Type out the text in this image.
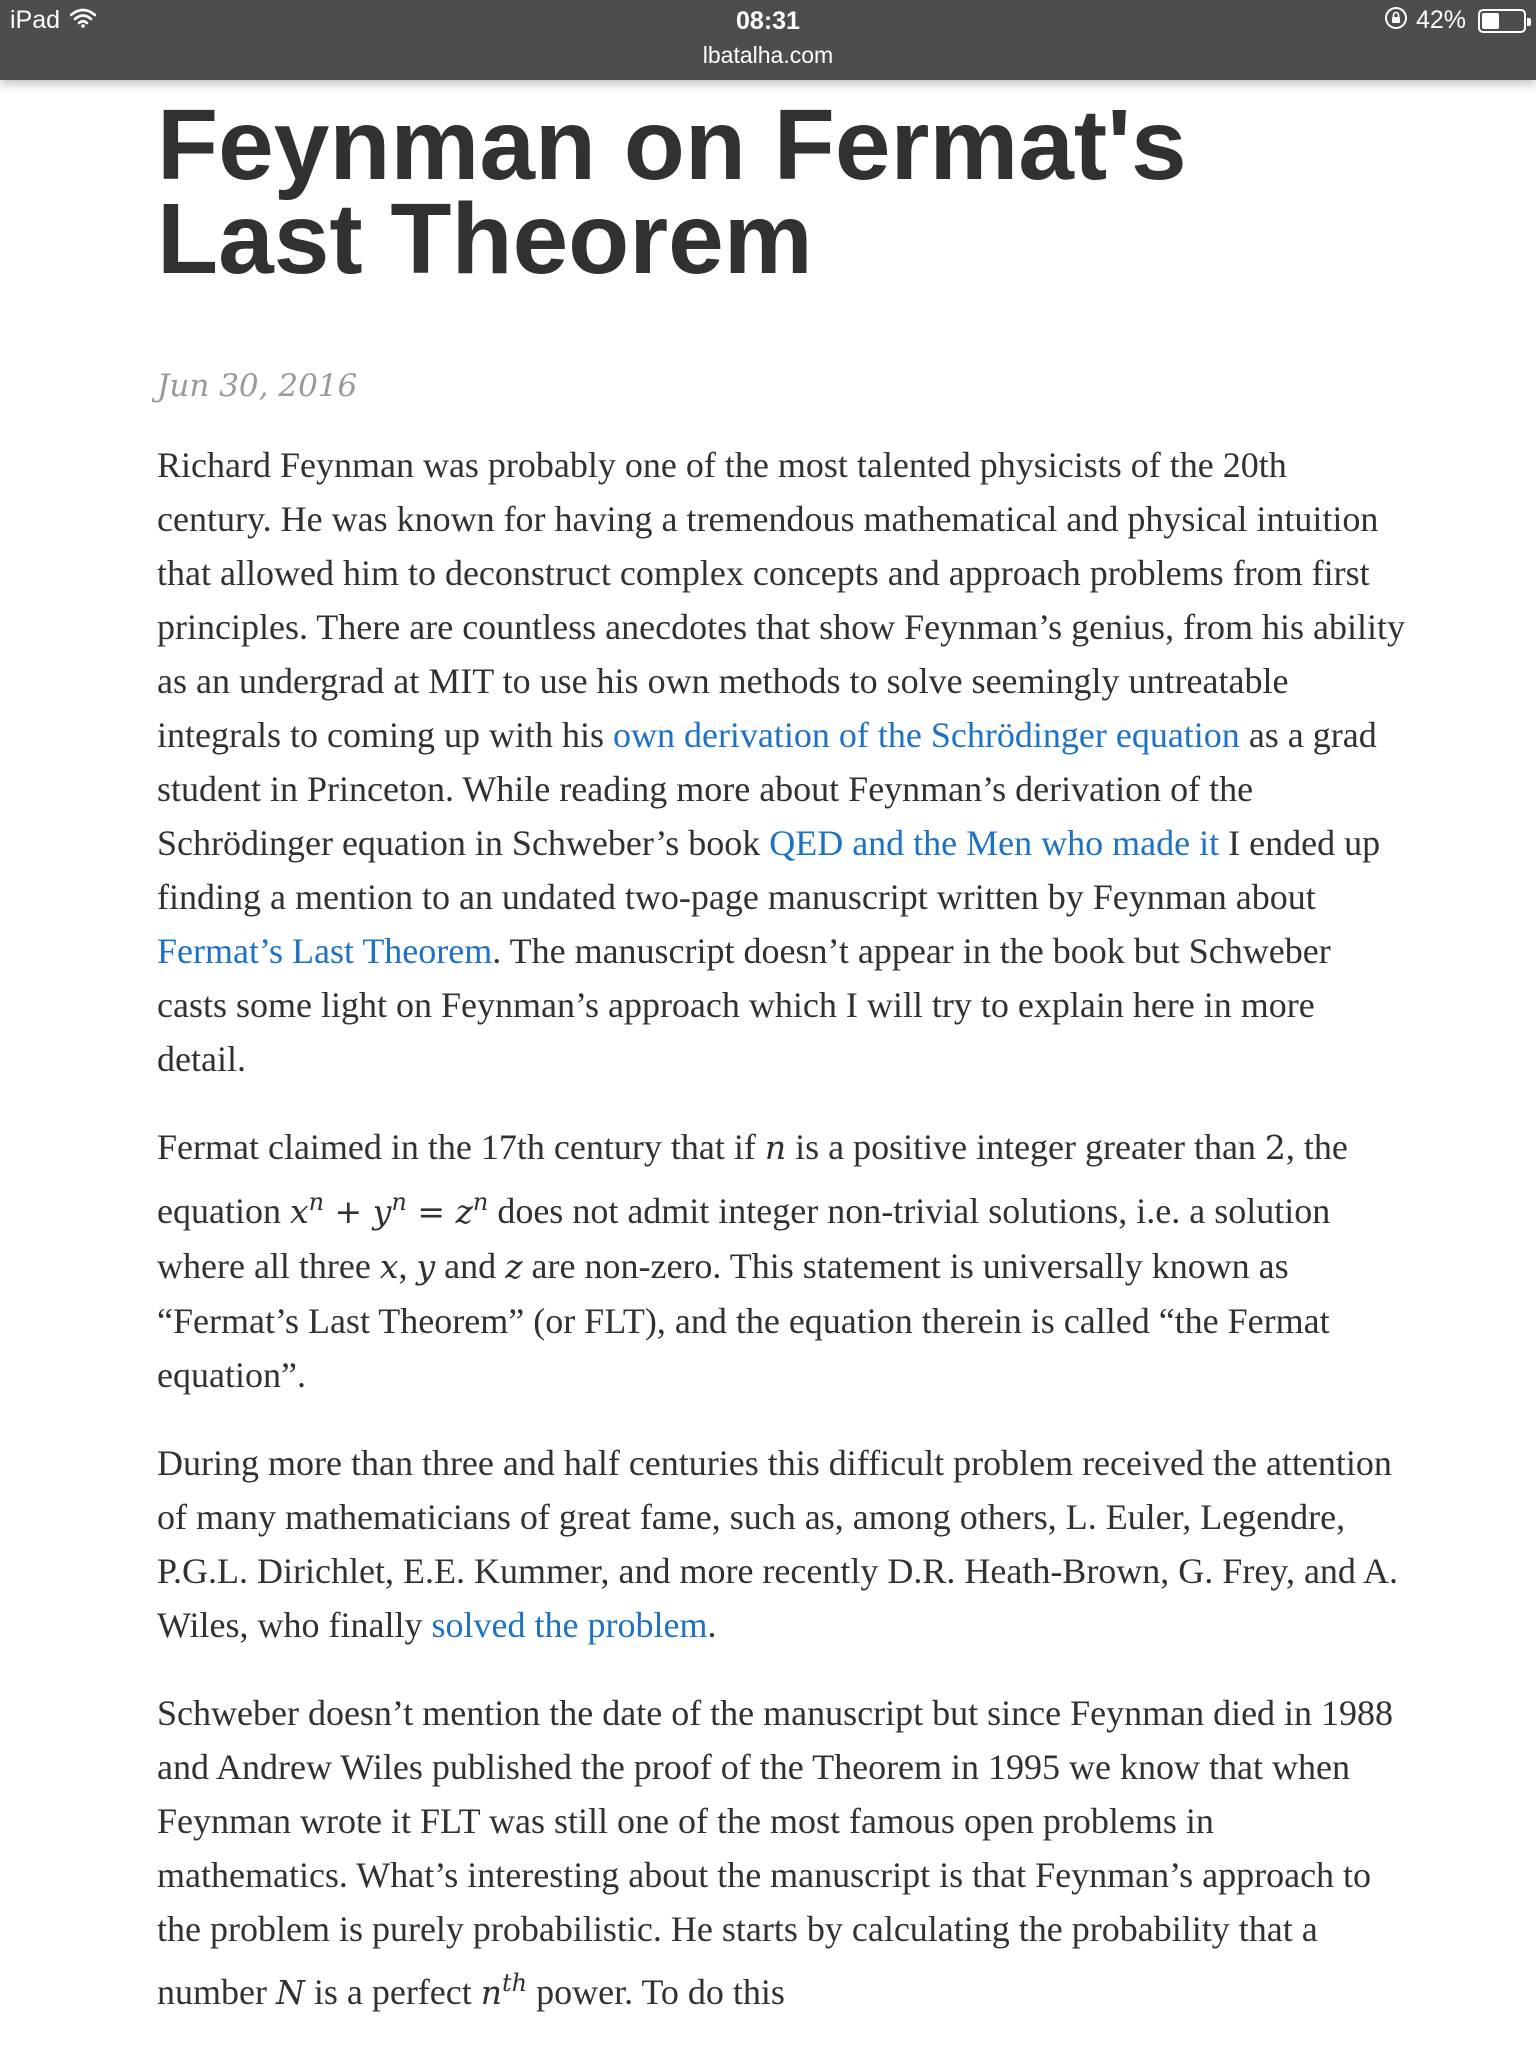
iPad	08:31
lbatalha.com
42%
Feynman on Fermat's Last Theorem
Jun 30, 2016

Richard Feynman was probably one of the most talented physicists of the 20th century. He was known for having a tremendous mathematical and physical intuition that allowed him to deconstruct complex concepts and approach problems from first principles. There are countless anecdotes that show Feynman’s genius, from his ability as an undergrad at MIT to use his own methods to solve seemingly untreatable integrals to coming up with his own derivation of the Schrödinger equation as a grad student in Princeton. While reading more about Feynman’s derivation of the Schrödinger equation in Schweber’s book QED and the Men who made it I ended up finding a mention to an undated two-page manuscript written by Feynman about Fermat’s Last Theorem. The manuscript doesn’t appear in the book but Schweber casts some light on Feynman’s approach which I will try to explain here in more detail.

Fermat claimed in the 17th century that if n is a positive integer greater than 2, the equation $x^n + y^n = z^n$ does not admit integer non-trivial solutions, i.e. a solution where all three x, y and z are non-zero. This statement is universally known as “Fermat’s Last Theorem” (or FLT), and the equation therein is called “the Fermat equation”.

During more than three and half centuries this difficult problem received the attention of many mathematicians of great fame, such as, among others, L. Euler, Legendre, P.G.L. Dirichlet, E.E. Kummer, and more recently D.R. Heath-Brown, G. Frey, and A. Wiles, who finally solved the problem.

Schweber doesn’t mention the date of the manuscript but since Feynman died in 1988 and Andrew Wiles published the proof of the Theorem in 1995 we know that when Feynman wrote it FLT was still one of the most famous open problems in mathematics. What’s interesting about the manuscript is that Feynman’s approach to the problem is purely probabilistic. He starts by calculating the probability that a number N is a perfect $n^{th}$ power. To do this
